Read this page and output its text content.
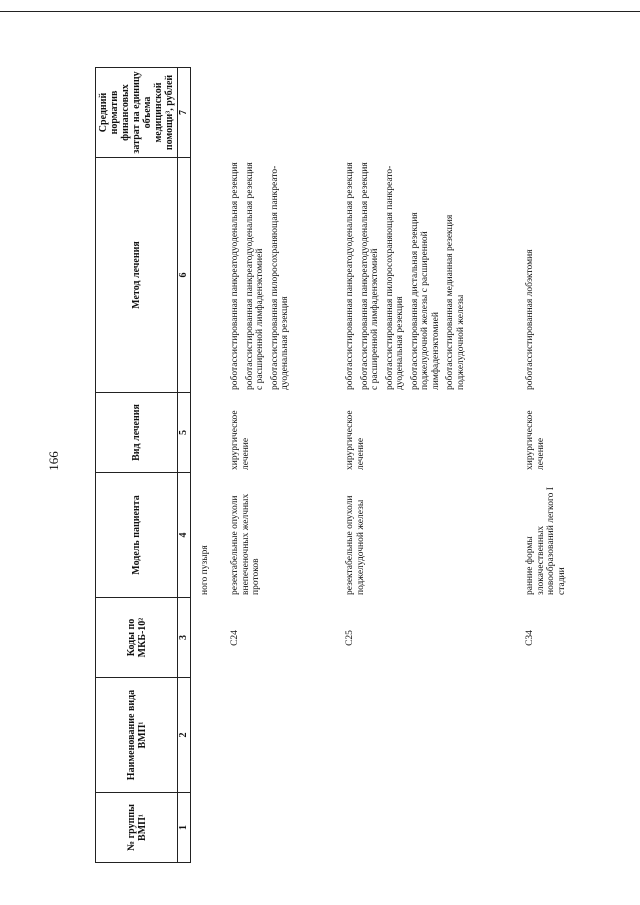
166
№ группы ВМП¹	Наименование вида ВМП¹	Коды по МКБ-10²	Модель пациента	Вид лечения	Метод лечения	Средний норматив финансовых затрат на единицу объема медицинской помощи³, рублей
1	2	3	4	5	6	7
			ного пузыря			
		C24	резектабельные опухоли внепеченочных желчных протоков	хирургическое лечение	роботассистированная панкреатодуоденальная резекция роботассистированная панкреатодуоденальная резекция с расширенной лимфаденэктомией роботассистированная пилоросохраняющая панкреатодуоденальная резекция	

		C25	резектабельные опухоли поджелудочной железы	хирургическое лечение	роботассистированная панкреатодуоденальная резекция роботассистированная панкреатодуоденальная резекция с расширенной лимфаденэктомией роботассистированная пилоросохраняющая панкреатодуоденальная резекция роботассистированная дистальная резекция поджелудочной железы с расширенной лимфаденэктомией роботассистированная медианная резекция поджелудочной железы	

		C34	ранние формы злокачественных новообразований легкого I стадии	хирургическое лечение	роботассистированная лобэктомия	
